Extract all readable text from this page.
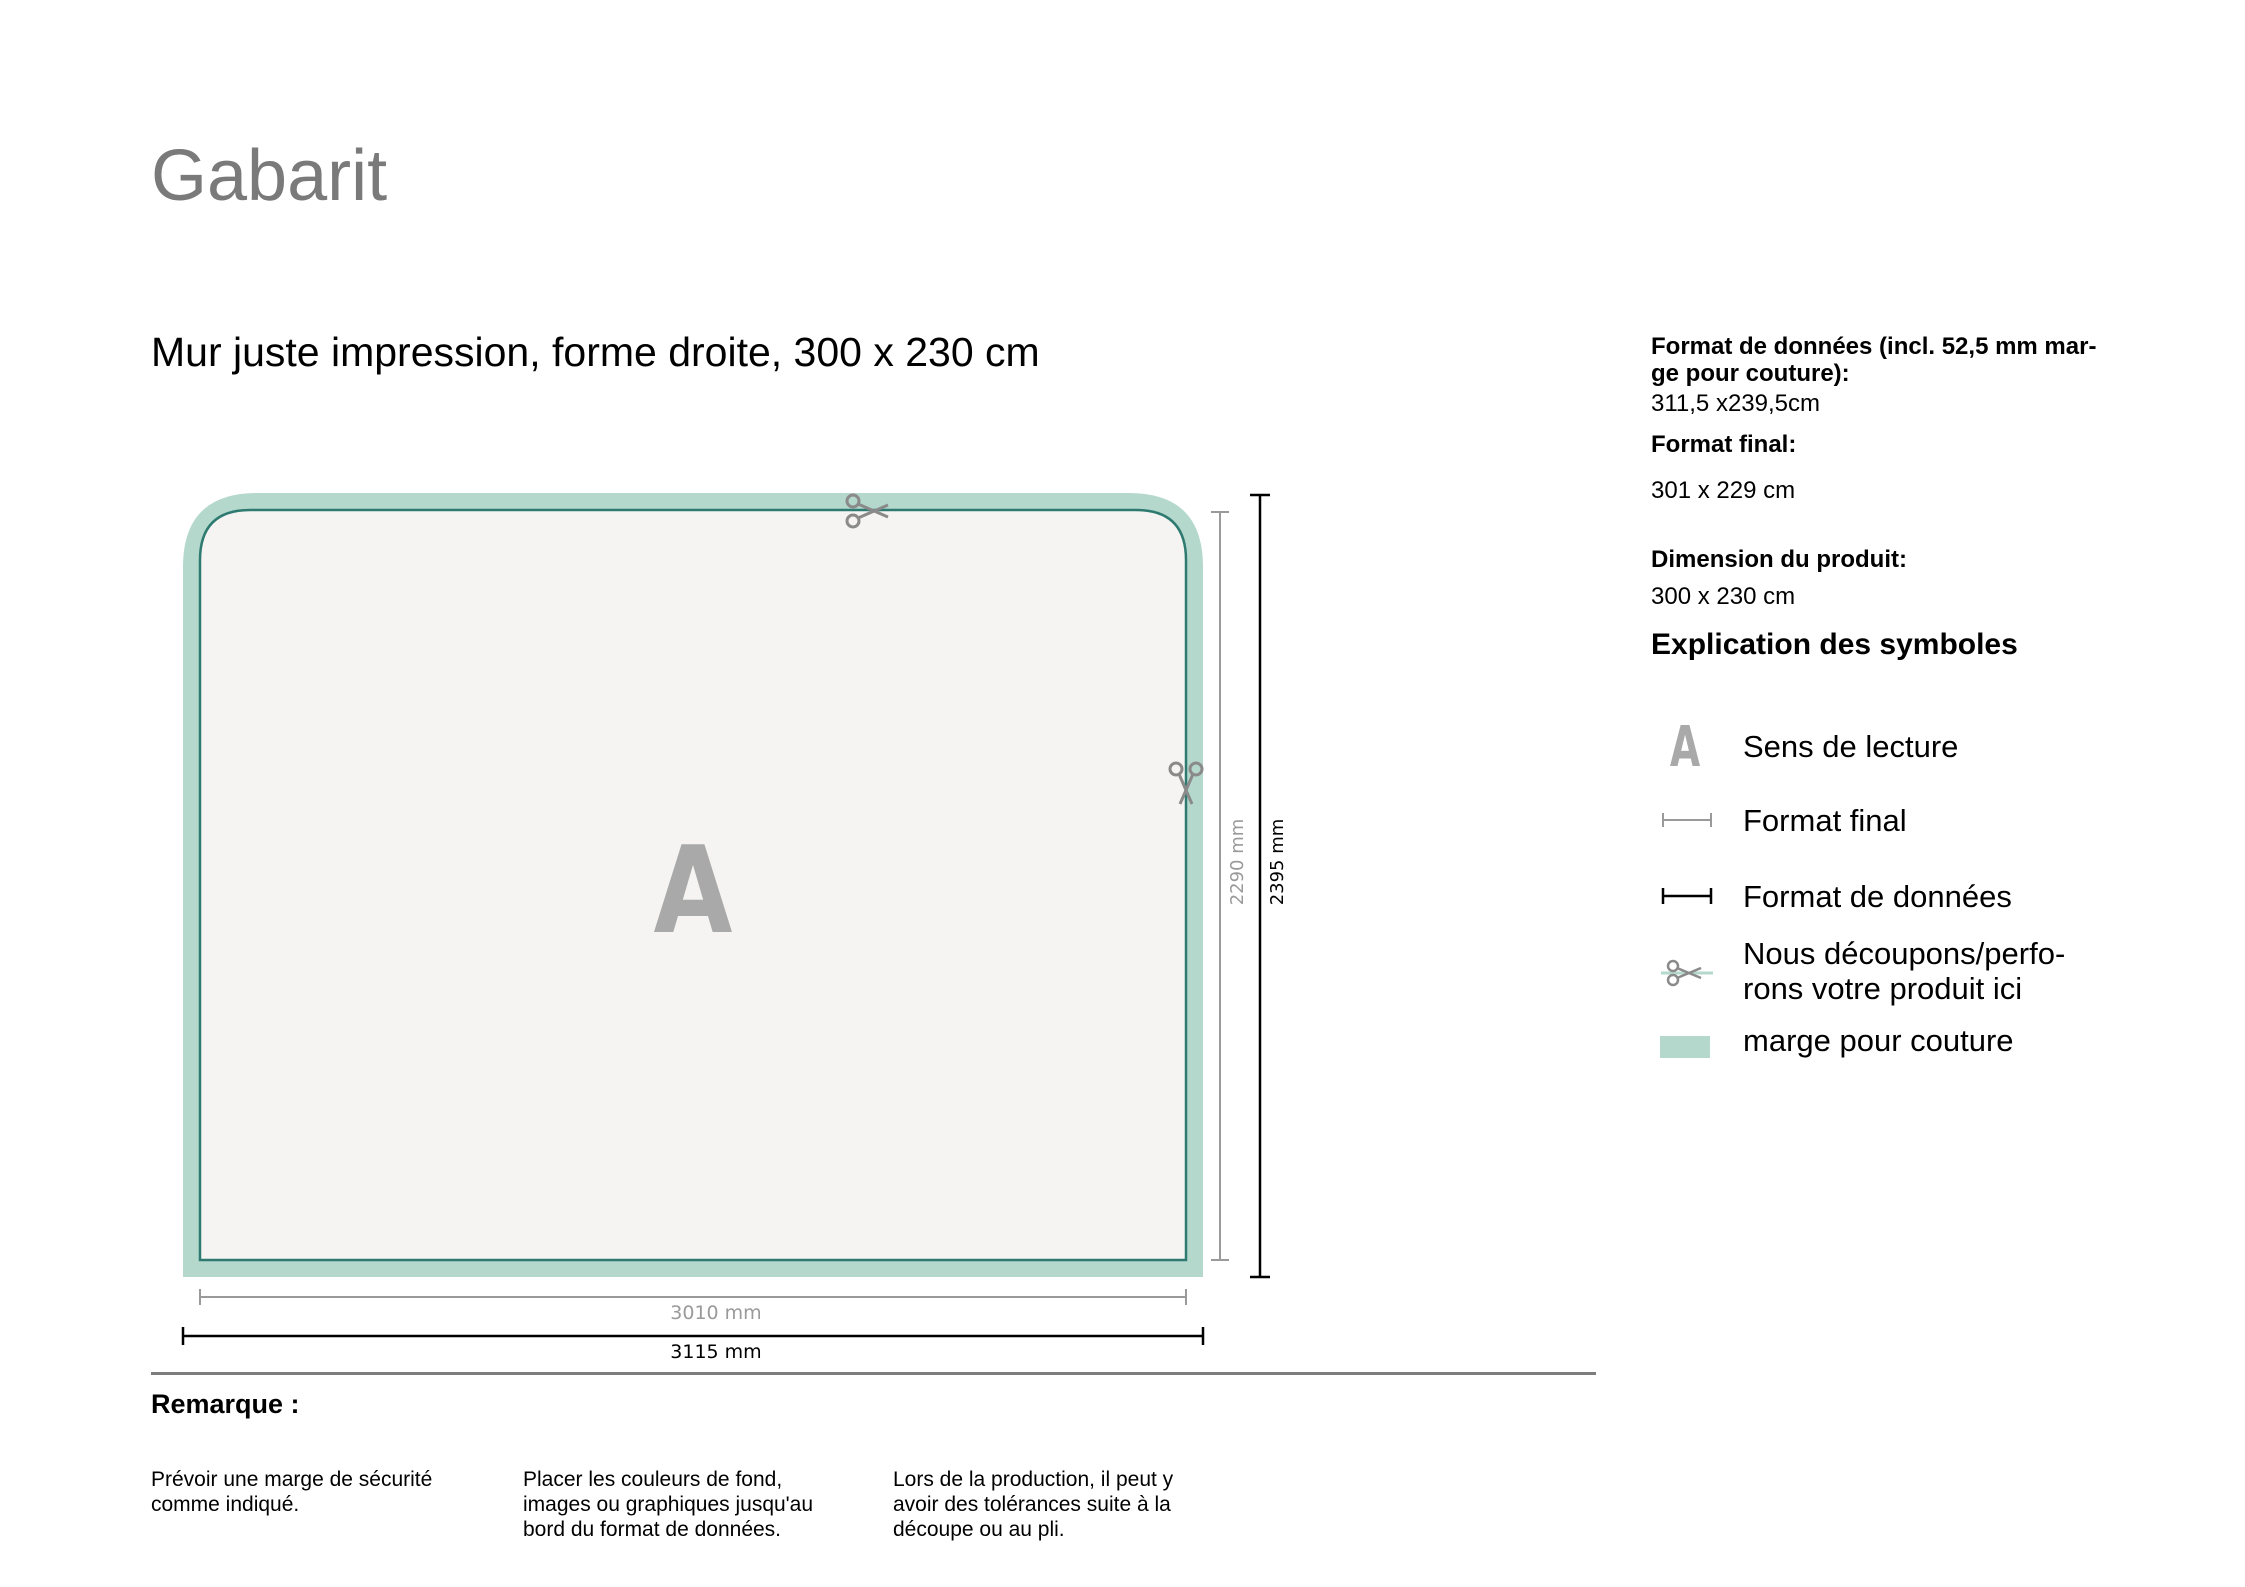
Gabarit
Mur juste impression, forme droite, 300 x 230 cm
A	2290 mm 2395 mm
3010 mm
3115 mm
Format de données (incl. 52,5 mm mar-ge pour couture):
311,5 x239,5cm
Format final:
301 x 229 cm
Dimension du produit:
300 x 230 cm
Explication des symboles
A Sens de lecture
Format final
Format de données
Nous découpons/perfo-rons votre produit ici
marge pour couture
Remarque :
Prévoir une marge de sécurité comme indiqué.
Placer les couleurs de fond, images ou graphiques jusqu'au bord du format de données.
Lors de la production, il peut y avoir des tolérances suite à la découpe ou au pli.
